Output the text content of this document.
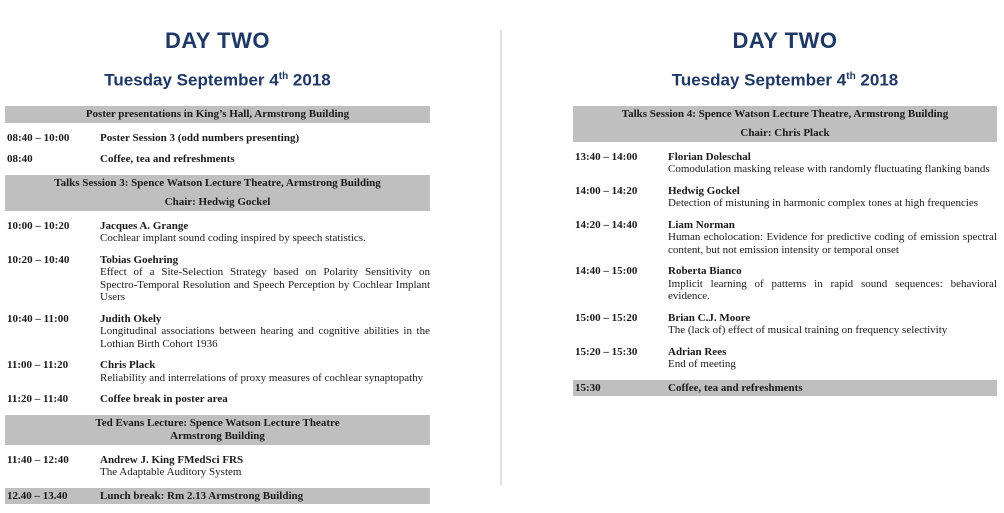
DAY TWO
Tuesday September 4th 2018
Poster presentations in King’s Hall, Armstrong Building
08:40 – 10:00	Poster Session 3 (odd numbers presenting)
08:40	Coffee, tea and refreshments
Talks Session 3: Spence Watson Lecture Theatre, Armstrong Building
Chair: Hedwig Gockel
10:00 – 10:20	Jacques A. Grange
Cochlear implant sound coding inspired by speech statistics.
10:20 – 10:40	Tobias Goehring
Effect of a Site-Selection Strategy based on Polarity Sensitivity on Spectro-Temporal Resolution and Speech Perception by Cochlear Implant Users
10:40 – 11:00	Judith Okely
Longitudinal associations between hearing and cognitive abilities in the Lothian Birth Cohort 1936
11:00 – 11:20	Chris Plack
Reliability and interrelations of proxy measures of cochlear synaptopathy
11:20 – 11:40	Coffee break in poster area
Ted Evans Lecture: Spence Watson Lecture Theatre
Armstrong Building
11:40 – 12:40	Andrew J. King FMedSci FRS
The Adaptable Auditory System
12.40 – 13.40	Lunch break: Rm 2.13 Armstrong Building
DAY TWO
Tuesday September 4th 2018
Talks Session 4: Spence Watson Lecture Theatre, Armstrong Building
Chair: Chris Plack
13:40 – 14:00	Florian Doleschal
Comodulation masking release with randomly fluctuating flanking bands
14:00 – 14:20	Hedwig Gockel
Detection of mistuning in harmonic complex tones at high frequencies
14:20 – 14:40	Liam Norman
Human echolocation: Evidence for predictive coding of emission spectral content, but not emission intensity or temporal onset
14:40 – 15:00	Roberta Bianco
Implicit learning of patterns in rapid sound sequences: behavioral evidence.
15:00 – 15:20	Brian C.J. Moore
The (lack of) effect of musical training on frequency selectivity
15:20 – 15:30	Adrian Rees
End of meeting
15:30	Coffee, tea and refreshments
